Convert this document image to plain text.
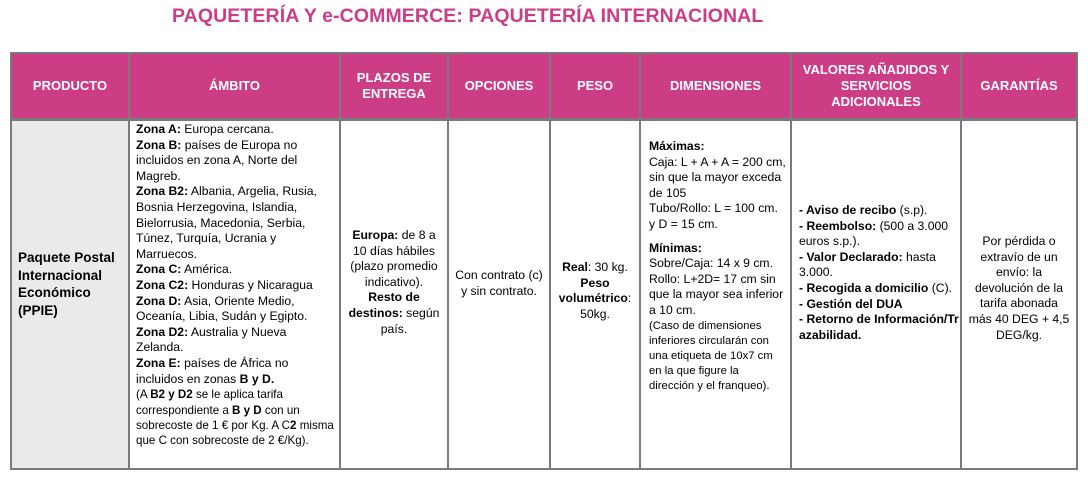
PAQUETERÍA Y e-COMMERCE: PAQUETERÍA INTERNACIONAL
PRODUCTO
Paquete Postal Internacional Económico (PPIE)
ÁMBITO

Zona A: Europa cercana.

Zona B: países de Europa no incluidos en zona A, Norte del Magreb.

Zona B2: Albania, Argelia, Rusia, Bosnia Herzegovina, Islandia, Bielorrusia, Macedonia, Serbia, Túnez, Turquía, Ucrania y Marruecos.

Zona C: América.

Zona C2: Honduras y Nicaragua

Zona D: Asia, Oriente Medio, Oceanía, Libia, Sudán y Egipto.

Zona D2: Australia y Nueva Zelanda.

Zona E: países de África no incluidos en zonas B y D.

(A B2 y D2 se le aplica tarifa correspondiente a B y D con un sobrecoste de 1 € por Kg. A C2 misma que C con sobrecoste de 2 €/Kg).

PLAZOS DE ENTREGA

Europa: de 8 a 10 días hábiles (plazo promedio indicativo).

Resto de destinos: según país.

OPCIONES
Con contrato (c) y sin contrato.
PESO

Real: 30 kg.

Peso volumétrico: 50kg.

DIMENSIONES

Máximas:

Caja: L + A + A = 200 cm, sin que la mayor exceda de 105

Tubo/Rollo: L = 100 cm. y D = 15 cm.

Mínimas:

Sobre/Caja: 14 x 9 cm.

Rollo: L+2D= 17 cm sin que la mayor sea inferior a 10 cm.

(Caso de dimensiones inferiores circularán con una etiqueta de 10x7 cm en la que figure la dirección y el franqueo).

VALORES AÑADIDOS Y SERVICIOS ADICIONALES

- Aviso de recibo (s.p).

- Reembolso: (500 a 3.000 euros s.p.).

- Valor Declarado: hasta 3.000.

- Recogida a domicilio (C).

- Gestión del DUA

- Retorno de Información/Trazabilidad.

GARANTÍAS
Por pérdida o extravío de un envío: la devolución de la tarifa abonada más 40 DEG + 4,5 DEG/kg.
